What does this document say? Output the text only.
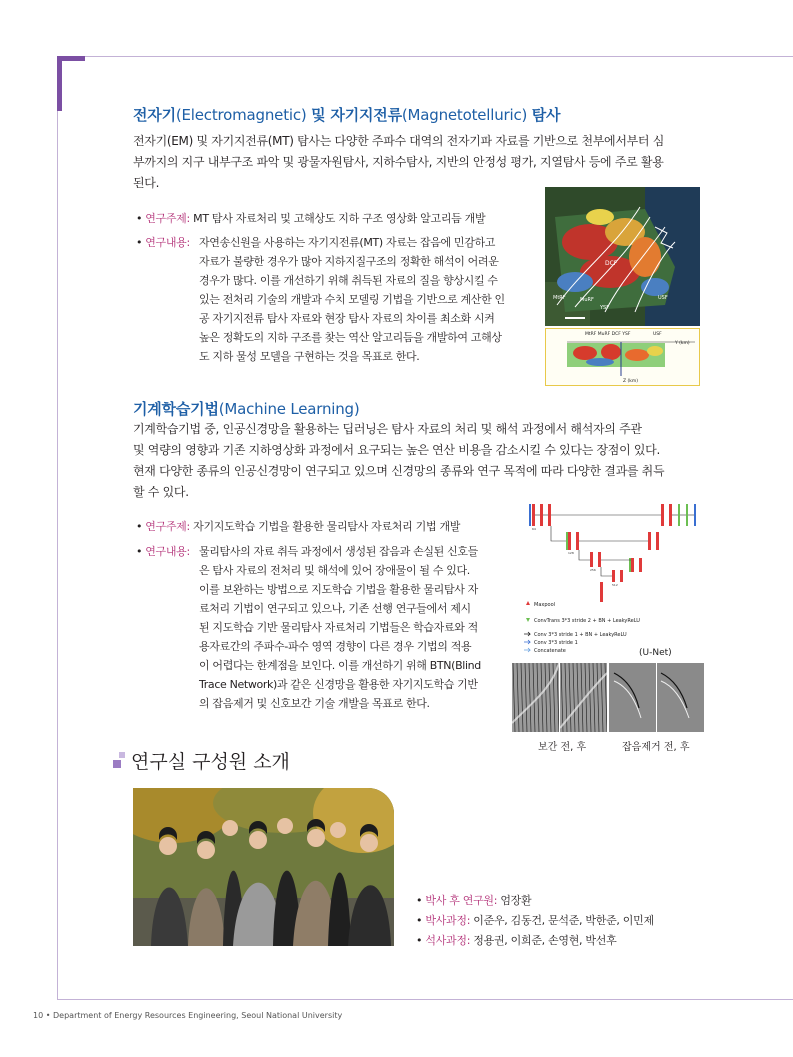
전자기(Electromagnetic) 및 자기지전류(Magnetotelluric) 탐사
전자기(EM) 및 자기지전류(MT) 탐사는 다양한 주파수 대역의 전자기파 자료를 기반으로 천부에서부터 심
부까지의 지구 내부구조 파악 및 광물자원탐사, 지하수탐사, 지반의 안정성 평가, 지열탐사 등에 주로 활용
된다.
• 연구주제: MT 탐사 자료처리 및 고해상도 지하 구조 영상화 알고리듬 개발
• 연구내용: 자연송신원을 사용하는 자기지전류(MT) 자료는 잡음에 민감하고
자료가 불량한 경우가 많아 지하지질구조의 정확한 해석이 어려운
경우가 많다. 이를 개선하기 위해 취득된 자료의 질을 향상시킬 수
있는 전처리 기술의 개발과 수치 모델링 기법을 기반으로 계산한 인
공 자기지전류 탐사 자료와 현장 탐사 자료의 차이를 최소화 시켜
높은 정확도의 지하 구조를 찾는 역산 알고리듬을 개발하여 고해상
도 지하 물성 모델을 구현하는 것을 목표로 한다.
DCF
MtRF	MuRF
YSF
USF
MtRF MuRF DCF YSF	USF
Y (km)
Z (km)
기계학습기법(Machine Learning)
기계학습기법 중, 인공신경망을 활용하는 딥러닝은 탐사 자료의 처리 및 해석 과정에서 해석자의 주관
및 역량의 영향과 기존 지하영상화 과정에서 요구되는 높은 연산 비용을 감소시킬 수 있다는 장점이 있다.
현재 다양한 종류의 인공신경망이 연구되고 있으며 신경망의 종류와 연구 목적에 따라 다양한 결과를 취득
할 수 있다.
• 연구주제: 자기지도학습 기법을 활용한 물리탐사 자료처리 기법 개발
• 연구내용: 물리탐사의 자료 취득 과정에서 생성된 잡음과 손실된 신호들
은 탐사 자료의 전처리 및 해석에 있어 장애물이 될 수 있다.
이를 보완하는 방법으로 지도학습 기법을 활용한 물리탐사 자
료처리 기법이 연구되고 있으나, 기존 선행 연구들에서 제시
된 지도학습 기반 물리탐사 자료처리 기법들은 학습자료와 적
용자료간의 주파수-파수 영역 경향이 다른 경우 기법의 적용
이 어렵다는 한계점을 보인다. 이를 개선하기 위해 BTN(Blind
Trace Network)과 같은 신경망을 활용한 자기지도학습 기반
의 잡음제거 및 신호보간 기술 개발을 목표로 한다.
64
128
256
512
Maxpool
ConvTrans 3*3 stride 2 + BN + LeakyReLU
Conv 3*3 stride 1 + BN + LeakyReLU
Conv 3*3 stride 1
Concatenate	(U-Net)
보간 전, 후	잡음제거 전, 후
연구실 구성원 소개
• 박사 후 연구원: 엄장환
• 박사과정: 이준우, 김동건, 문석준, 박한준, 이민제
• 석사과정: 정용권, 이희준, 손영현, 박선후
10 • Department of Energy Resources Engineering, Seoul National University
